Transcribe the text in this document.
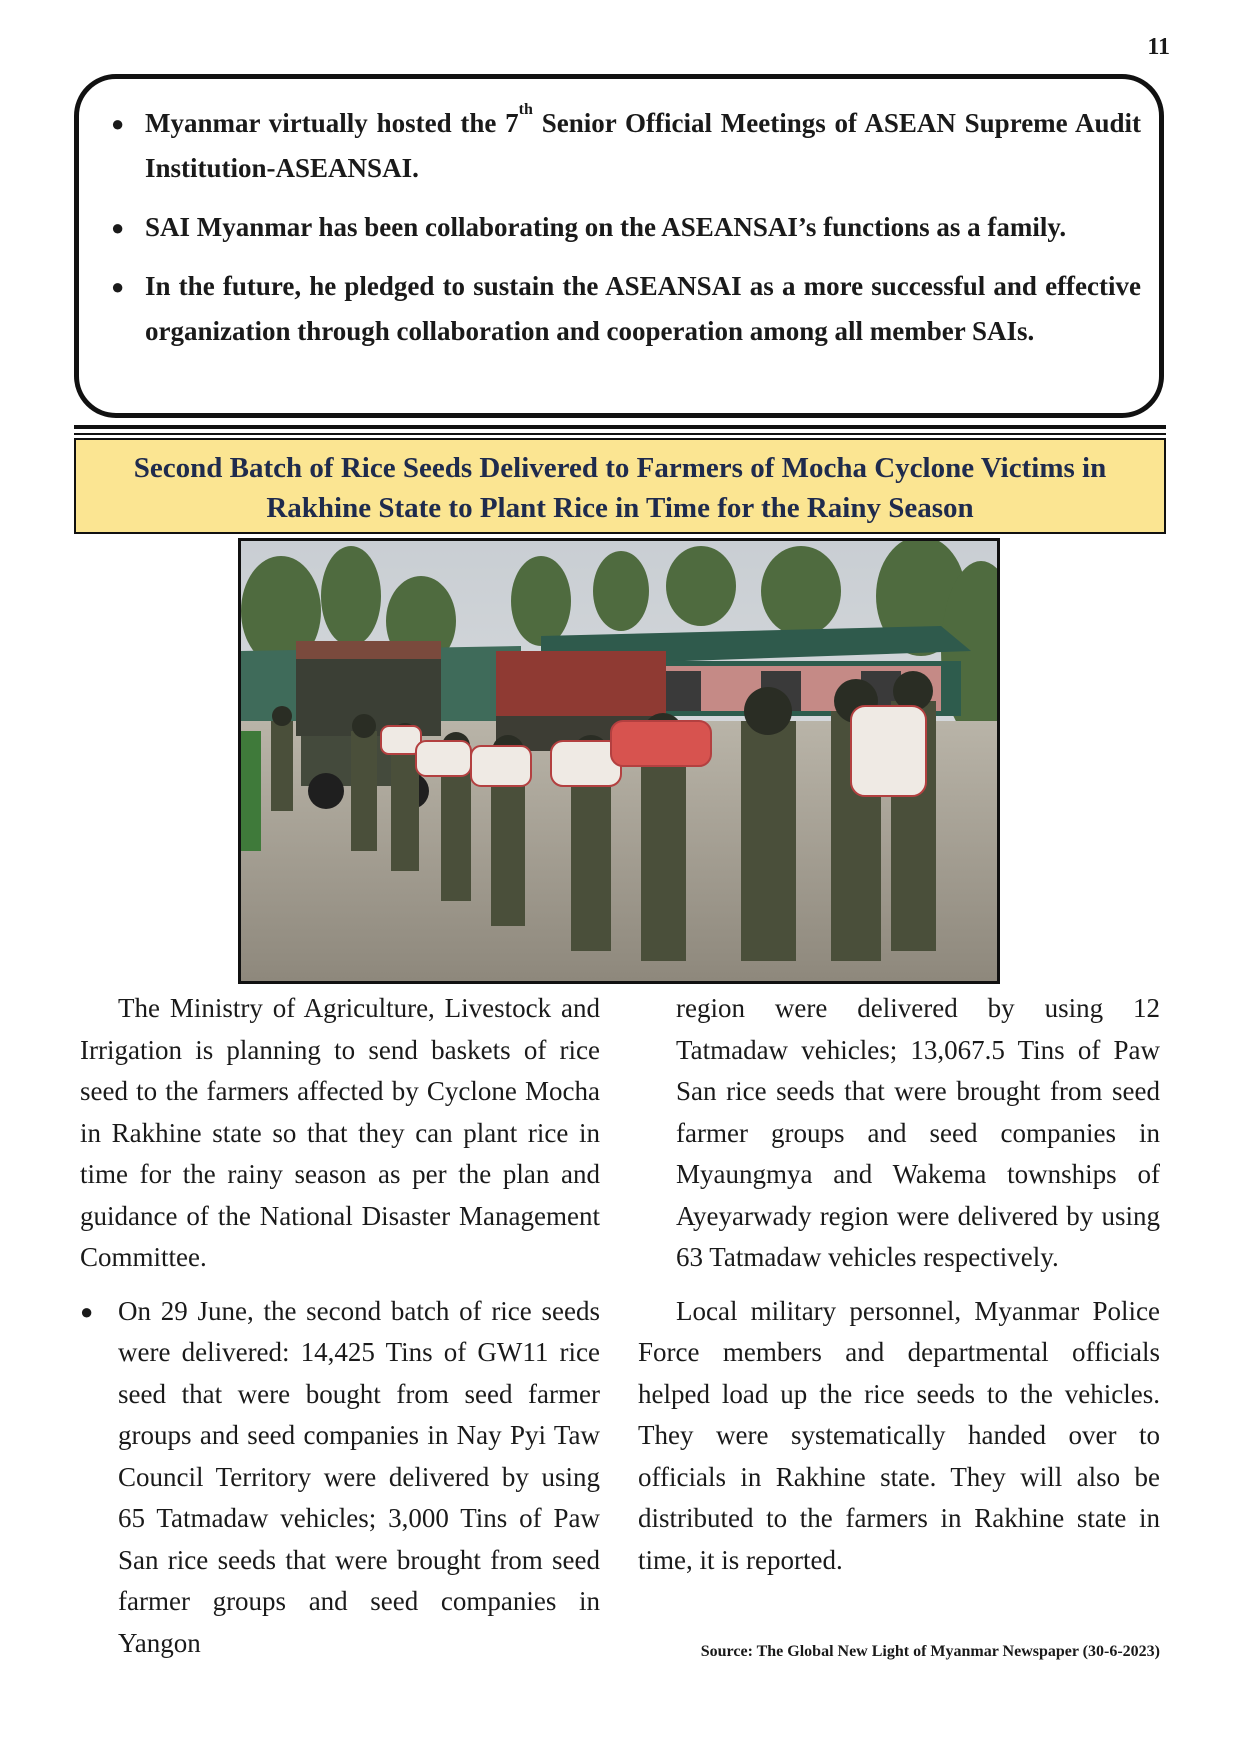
11
● Myanmar virtually hosted the 7th Senior Official Meetings of ASEAN Supreme Audit Institution-ASEANSAI.
● SAI Myanmar has been collaborating on the ASEANSAI’s functions as a family.
● In the future, he pledged to sustain the ASEANSAI as a more successful and effective organization through collaboration and cooperation among all member SAIs.
Second Batch of Rice Seeds Delivered to Farmers of Mocha Cyclone Victims in
Rakhine State to Plant Rice in Time for the Rainy Season

The Ministry of Agriculture, Livestock and Irrigation is planning to send baskets of rice seed to the farmers affected by Cyclone Mocha in Rakhine state so that they can plant rice in time for the rainy season as per the plan and guidance of the National Disaster Management Committee.

● On 29 June, the second batch of rice seeds were delivered: 14,425 Tins of GW11 rice seed that were bought from seed farmer groups and seed companies in Nay Pyi Taw Council Territory were delivered by using 65 Tatmadaw vehicles; 3,000 Tins of Paw San rice seeds that were brought from seed farmer groups and seed companies in Yangon

region were delivered by using 12 Tatmadaw vehicles; 13,067.5 Tins of Paw San rice seeds that were brought from seed farmer groups and seed companies in Myaungmya and Wakema townships of Ayeyarwady region were delivered by using 63 Tatmadaw vehicles respectively.

Local military personnel, Myanmar Police Force members and departmental officials helped load up the rice seeds to the vehicles. They were systematically handed over to officials in Rakhine state. They will also be distributed to the farmers in Rakhine state in time, it is reported.

Source: The Global New Light of Myanmar Newspaper (30-6-2023)
